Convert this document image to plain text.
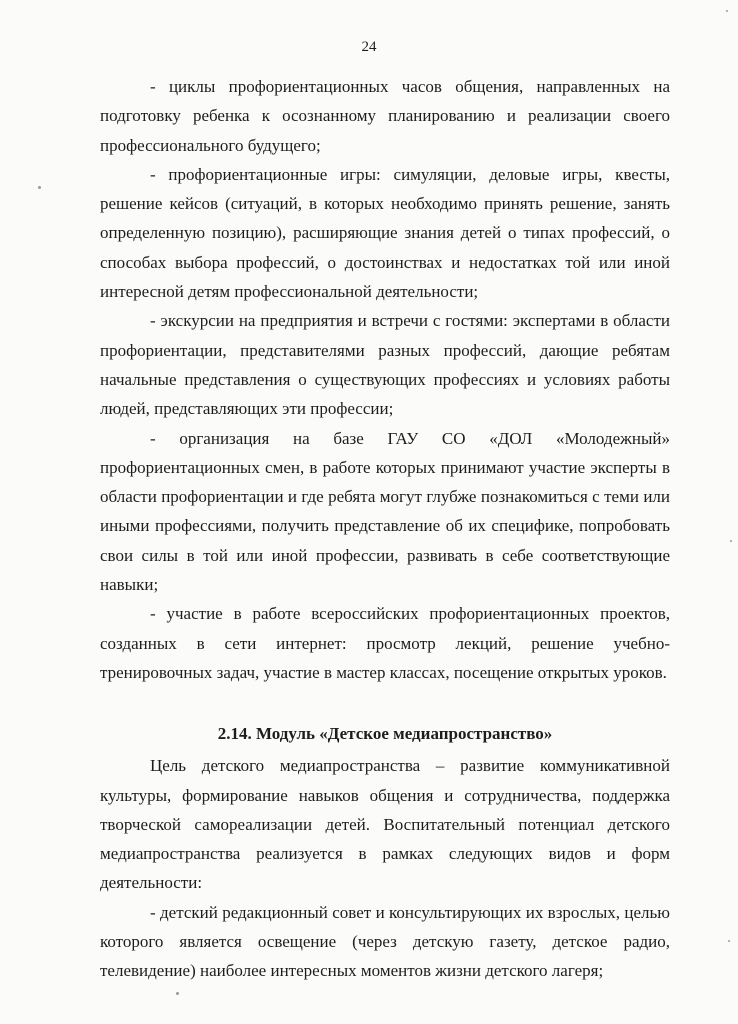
24

- циклы профориентационных часов общения, направленных на подготовку ребенка к осознанному планированию и реализации своего профессионального будущего;

- профориентационные игры: симуляции, деловые игры, квесты, решение кейсов (ситуаций, в которых необходимо принять решение, занять определенную позицию), расширяющие знания детей о типах профессий, о способах выбора профессий, о достоинствах и недостатках той или иной интересной детям профессиональной деятельности;

- экскурсии на предприятия и встречи с гостями: экспертами в области профориентации, представителями разных профессий, дающие ребятам начальные представления о существующих профессиях и условиях работы людей, представляющих эти профессии;

- организация на базе ГАУ СО «ДОЛ «Молодежный» профориентационных смен, в работе которых принимают участие эксперты в области профориентации и где ребята могут глубже познакомиться с теми или иными профессиями, получить представление об их специфике, попробовать свои силы в той или иной профессии, развивать в себе соответствующие навыки;

- участие в работе всероссийских профориентационных проектов, созданных в сети интернет: просмотр лекций, решение учебно-тренировочных задач, участие в мастер классах, посещение открытых уроков.

2.14. Модуль «Детское медиапространство»

Цель детского медиапространства – развитие коммуникативной культуры, формирование навыков общения и сотрудничества, поддержка творческой самореализации детей. Воспитательный потенциал детского медиапространства реализуется в рамках следующих видов и форм деятельности:

- детский редакционный совет и консультирующих их взрослых, целью которого является освещение (через детскую газету, детское радио, телевидение) наиболее интересных моментов жизни детского лагеря;
